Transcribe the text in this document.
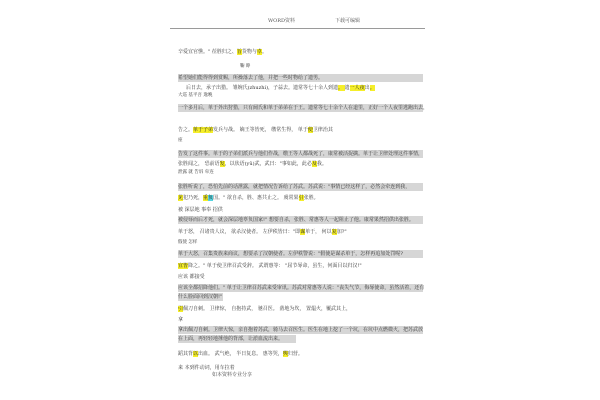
WORD资料	下载可编辑
辛爱宜官憔。" 莅胜归之、旨货物与卓。
鞠 睁
希望她们能得得到赏赐，所操落去了他，并把一些时物给了遗男。
后日去，承子出猎。 雏婉氏(zhuzhi)，子蒜去。遗常等七十余人到遗。 遗一人夜出。
大巡 基平吾 逸晚
一个多月后，单于外出狩猎，只有阏氏和单于弟弟在于王。遗常等七十余个人在道里，正好一个人夜里逃跑出去，
告之。单于子弟发兵与战。 嫡王等皆死， 缴常生得， 单于使卫律治其
座
告发了这件事。单于的子弟们派兵与他们作战，缴王等人都战死了，康常被活捉擒。单于让卫律处理这件事情，
张胜闻之， 恐前语发，以状语(yǔ)武，武曰："事如此，此必及我。
泄露 就 告诉 牵连
张胜听说了，恐怕先前的话泄露，就把情况告诉给了苏武。苏武说："事情已经这样了，必然会牵连到我，
见犯乃死，重负国。" 欲自杀，胜、惠共止之。 虞常果引张胜。
被 深层地 事奉 招供
被侵辱而后才死，就会深层地辜负国家!" 想要自杀，张胜、常惠等人一起阻止了他。康常果然招供出张胜。
单于怒， 召诸贵人议， 欲杀汉使者。 左伊秩皆曰："即谋单于， 何以复加?"
假使 怎样
单于大怒，召集贵族来商议，想要杀了汉朝使者。左伊秩警说："假使是谋杀单于，怎样再追加处罚呢?
宜皆降之。" 单于使卫律召武受辞。 武谓惠等： "屈节辱命，虽生，何面目以归汉!"
应该 都接受
应该全都招降他们。" 单于让卫律召苏武来受审讯。苏武对常惠等人说："丧失气节，侮辱使命，虽然活着，还有
什么脸面回到汉朝!"
引佩刀自刺。 卫律惊， 自抱持武， 驰召医。 凿地为坎， 置煴火，覆武其上，
拿
拿出佩刀自刺。卫律大惊，亲自抱着苏武，骑马去召医生。医生在地上挖了一个坑，在坑中点燃微火，把苏武放
在上面，再轻轻地捶他的背部，让淤血流出来。
蹈其背以出血。 武气绝， 半日复息。 惠等哭，舆归营。
来 本到件动词，用车拉着
如本资料专业分享
